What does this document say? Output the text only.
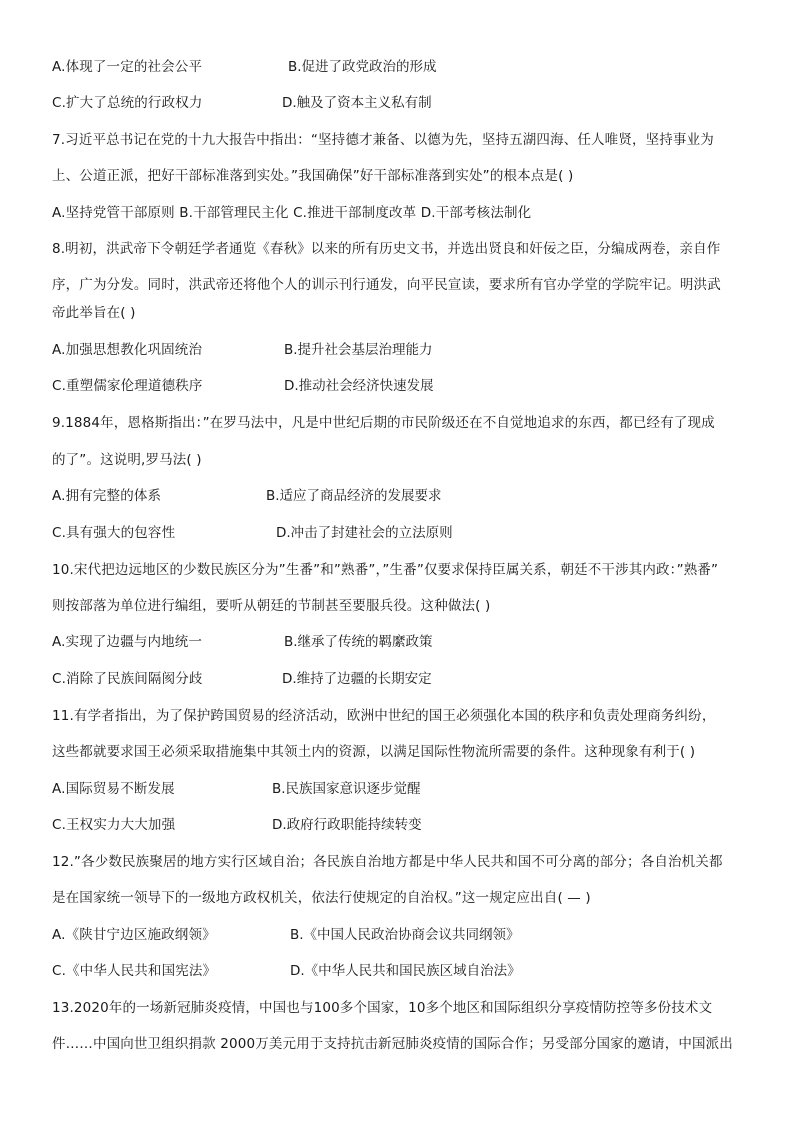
A.体现了一定的社会公平	B.促进了政党政治的形成
C.扩大了总统的行政权力	D.触及了资本主义私有制
7.习近平总书记在党的十九大报告中指出：“坚持德才兼备、以德为先，坚持五湖四海、任人唯贤，坚持事业为
上、公道正派，把好干部标准落到实处。”我国确保”好干部标准落到实处”的根本点是( )
A.坚持党管干部原则 B.干部管理民主化 C.推进干部制度改革 D.干部考核法制化
8.明初，洪武帝下令朝廷学者通览《春秋》以来的所有历史文书，并选出贤良和奸佞之臣，分编成两卷，亲自作
序，广为分发。同时，洪武帝还将他个人的训示刊行通发，向平民宣读，要求所有官办学堂的学院牢记。明洪武
帝此举旨在( )
A.加强思想教化巩固统治	B.提升社会基层治理能力
C.重塑儒家伦理道德秩序	D.推动社会经济快速发展
9.1884年，恩格斯指出：”在罗马法中，凡是中世纪后期的市民阶级还在不自觉地追求的东西，都已经有了现成
的了”。这说明,罗马法( )
A.拥有完整的体系	B.适应了商品经济的发展要求
C.具有强大的包容性	D.冲击了封建社会的立法原则
10.宋代把边远地区的少数民族区分为”生番”和”熟番”，”生番”仅要求保持臣属关系，朝廷不干涉其内政：”熟番”
则按部落为单位进行编组，要听从朝廷的节制甚至要服兵役。这种做法( )
A.实现了边疆与内地统一	B.继承了传统的羁縻政策
C.消除了民族间隔阂分歧	D.维持了边疆的长期安定
11.有学者指出，为了保护跨国贸易的经济活动，欧洲中世纪的国王必须强化本国的秩序和负责处理商务纠纷，
这些都就要求国王必须采取措施集中其领土内的资源，以满足国际性物流所需要的条件。这种现象有利于( )
A.国际贸易不断发展	B.民族国家意识逐步觉醒
C.王权实力大大加强	D.政府行政职能持续转变
12.”各少数民族聚居的地方实行区域自治；各民族自治地方都是中华人民共和国不可分离的部分；各自治机关都
是在国家统一领导下的一级地方政权机关，依法行使规定的自治权。”这一规定应出自( — )
A.《陕甘宁边区施政纲领》	B.《中国人民政治协商会议共同纲领》
C.《中华人民共和国宪法》	D.《中华人民共和国民族区域自治法》
13.2020年的一场新冠肺炎疫情，中国也与100多个国家，10多个地区和国际组织分享疫情防控等多份技术文
件……中国向世卫组织捐款 2000万美元用于支持抗击新冠肺炎疫情的国际合作；另受部分国家的邀请，中国派出
